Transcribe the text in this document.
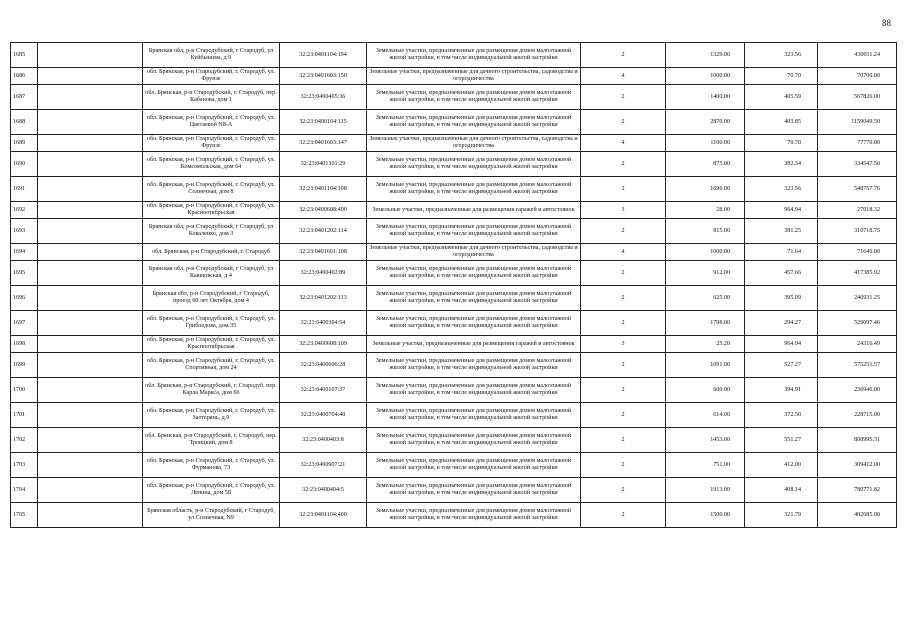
88
1685		Брянская обл, р-н Стародубский, г Стародуб, ул Куйбышева, д 9	32:23:0401104:194	Земельные участки, предназначенные для размещения домов малоэтажной жилой застройки, в том числе индивидуальной жилой застройки	2	1329.00	323.56	430011.24
1686		обл. Брянская, р-н Стародубский, г. Стародуб, ул. Фрунзе	32:23:0401603:150	Земельные участки, предназначенные для дачного строительства, садоводства и огородничества	4	1000.00	70.70	70700.00
1687		обл. Брянская, р-н Стародубский, г. Стародуб, пер. Кабанова, дом 1	32:23:0400405:36	Земельные участки, предназначенные для размещения домов малоэтажной жилой застройки, в том числе индивидуальной жилой застройки	2	1400.00	405.59	567826.00
1688		обл. Брянская, р-н Стародубский, г. Стародуб, ул. Цветаевой N8-А	32:23:0400104:115	Земельные участки, предназначенные для размещения домов малоэтажной жилой застройки, в том числе индивидуальной жилой застройки	2	2870.00	403.85	1159049.50
1689		обл. Брянская, р-н Стародубский, г. Стародуб, ул. Фрунзе	32:23:0401603:147	Земельные участки, предназначенные для дачного строительства, садоводства и огородничества	4	1100.00	70.70	77770.00
1690		обл. Брянская, р-н Стародубский, г. Стародуб, ул. Комсомольская, дом 64	32:23:0401301:29	Земельные участки, предназначенные для размещения домов малоэтажной жилой застройки, в том числе индивидуальной жилой застройки	2	875.00	382.34	334547.50
1691		обл. Брянская, р-н Стародубский, г. Стародуб, ул. Солнечная, дом 8	32:23:0401104:108	Земельные участки, предназначенные для размещения домов малоэтажной жилой застройки, в том числе индивидуальной жилой застройки	2	1696.00	323.56	548757.76
1692		обл. Брянская, р-н Стародубский, г. Стародуб, ул. Красноотябрьская	32:23:0400608:490	Земельные участки, предназначенные для размещения гаражей и автостоянок	3	28.00	964.94	27018.32
1693		Брянская обл, р-н Стародубский, г Стародуб, ул Коваленко, дом 3	32:23:0401202:114	Земельные участки, предназначенные для размещения домов малоэтажной жилой застройки, в том числе индивидуальной жилой застройки	2	815.00	381.25	310718.75
1694		обл. Брянская, р-н Стародубский, г. Стародуб	32:23:0401601:108	Земельные участки, предназначенные для дачного строительства, садоводства и огородничества	4	1000.00	71.64	71640.00
1695		Брянская обл, р-н Стародубский, г Стародуб, ул Кавшовская, д 4	32:23:0400402:89	Земельные участки, предназначенные для размещения домов малоэтажной жилой застройки, в том числе индивидуальной жилой застройки	2	912.00	457.66	417385.92
1696		Брянская обл, р-н Стародубский, г Стародуб, проезд 60 лет Октября, дом 4	32:23:0401202:113	Земельные участки, предназначенные для размещения домов малоэтажной жилой застройки, в том числе индивидуальной жилой застройки	2	625.00	395.09	246931.25
1697		обл. Брянская, р-н Стародубский, г. Стародуб, ул. Грибоедова, дом 35	32:23:0400304:54	Земельные участки, предназначенные для размещения домов малоэтажной жилой застройки, в том числе индивидуальной жилой застройки	2	1798.00	294.27	529097.46
1698		обл. Брянская, р-н Стародубский, г. Стародуб, ул. Красноотябрьская	32:23:0400608:109	Земельные участки, предназначенные для размещения гаражей и автостоянок	3	25.20	964.94	24316.49
1699		обл. Брянская, р-н Стародубский, г. Стародуб, ул. Спортивная, дом 24	32:23:0400606:28	Земельные участки, предназначенные для размещения домов малоэтажной жилой застройки, в том числе индивидуальной жилой застройки	2	1091.00	527.27	575251.57
1700		обл. Брянская, р-н Стародубский, г. Стародуб, пер. Карла Маркса, дом 66	32:23:0400107:37	Земельные участки, предназначенные для размещения домов малоэтажной жилой застройки, в том числе индивидуальной жилой застройки	2	600.00	394.91	236946.00
1701		обл. Брянская, р-н Стародубский, г. Стародуб, ул. Заотерянь, д.9	32:23:0400704:40	Земельные участки, предназначенные для размещения домов малоэтажной жилой застройки, в том числе индивидуальной жилой застройки	2	614.00	372.50	228715.00
1702		обл. Брянская, р-н Стародубский, г. Стародуб, пер. Троицкий, дом 8	32:23:0400403:8	Земельные участки, предназначенные для размещения домов малоэтажной жилой застройки, в том числе индивидуальной жилой застройки	2	1453.00	551.27	800995.31
1703		обл. Брянская, р-н Стародубский, г. Стародуб, ул. Фурманова, 73	32:23:0400907:21	Земельные участки, предназначенные для размещения домов малоэтажной жилой застройки, в том числе индивидуальной жилой застройки	2	751.00	412.00	309412.00
1704		обл. Брянская, р-н Стародубский, г. Стародуб, ул. Ленина, дом 58	32:23:0400404:5	Земельные участки, предназначенные для размещения домов малоэтажной жилой застройки, в том числе индивидуальной жилой застройки	2	1913.00	408.14	780771.82
1705		Брянская область, р-н Стародубский, г Стародуб, ул Солнечная, N9	32:23:0401104:400	Земельные участки, предназначенные для размещения домов малоэтажной жилой застройки, в том числе индивидуальной жилой застройки	2	1500.00	321.79	482685.00
